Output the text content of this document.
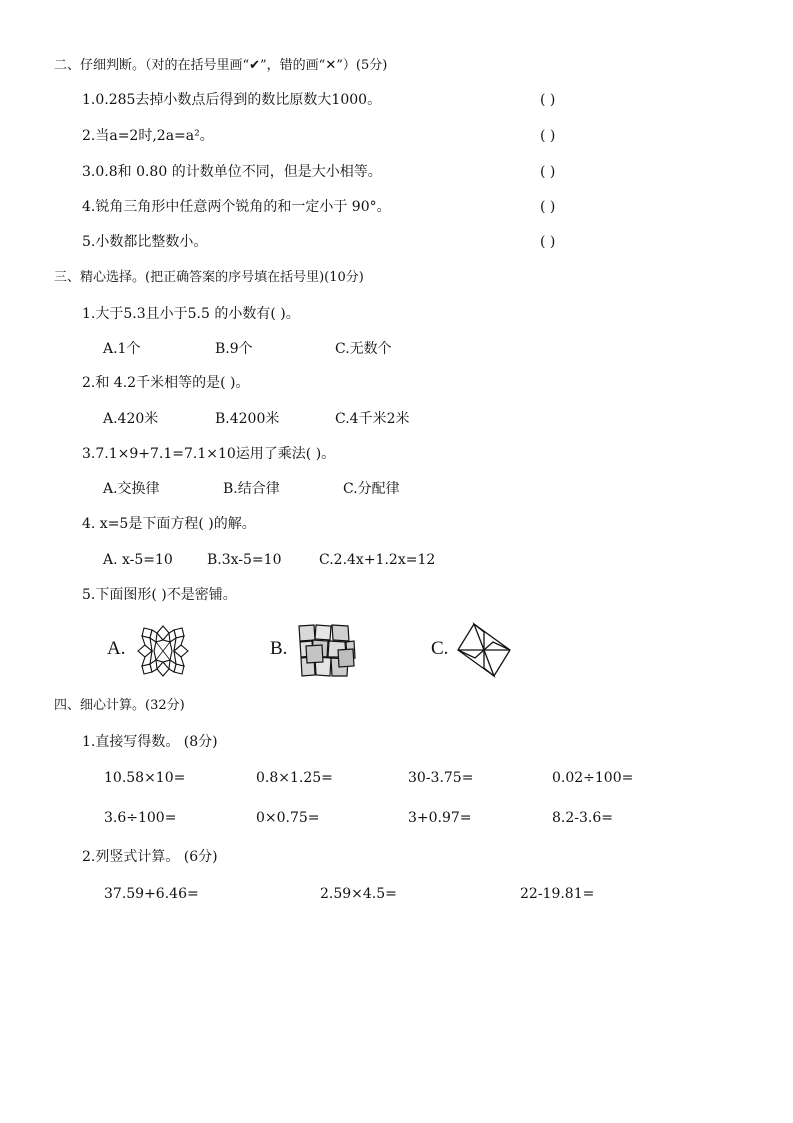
二、仔细判断。（对的在括号里画“✔”，错的画“✕”）(5分)
1.0.285去掉小数点后得到的数比原数大1000。	( )
2.当a=2时,2a=a²。	( )
3.0.8和 0.80 的计数单位不同，但是大小相等。	( )
4.锐角三角形中任意两个锐角的和一定小于 90°。	( )
5.小数都比整数小。	( )
三、精心选择。(把正确答案的序号填在括号里)(10分)
1.大于5.3且小于5.5 的小数有( )。
A.1个	B.9个	C.无数个
2.和 4.2千米相等的是( )。
A.420米	B.4200米	C.4千米2米
3.7.1×9+7.1=7.1×10运用了乘法( )。
A.交换律	B.结合律	C.分配律
4. x=5是下面方程( )的解。
A. x-5=10 B.3x-5=10	C.2.4x+1.2x=12
5.下面图形( )不是密铺。
A.	B.	C.
四、细心计算。(32分)
1.直接写得数。 (8分)
10.58×10=	0.8×1.25=	30-3.75=	0.02÷100=
3.6÷100=	0×0.75=	3+0.97=	8.2-3.6=
2.列竖式计算。 (6分)
37.59+6.46=	2.59×4.5=	22-19.81=
